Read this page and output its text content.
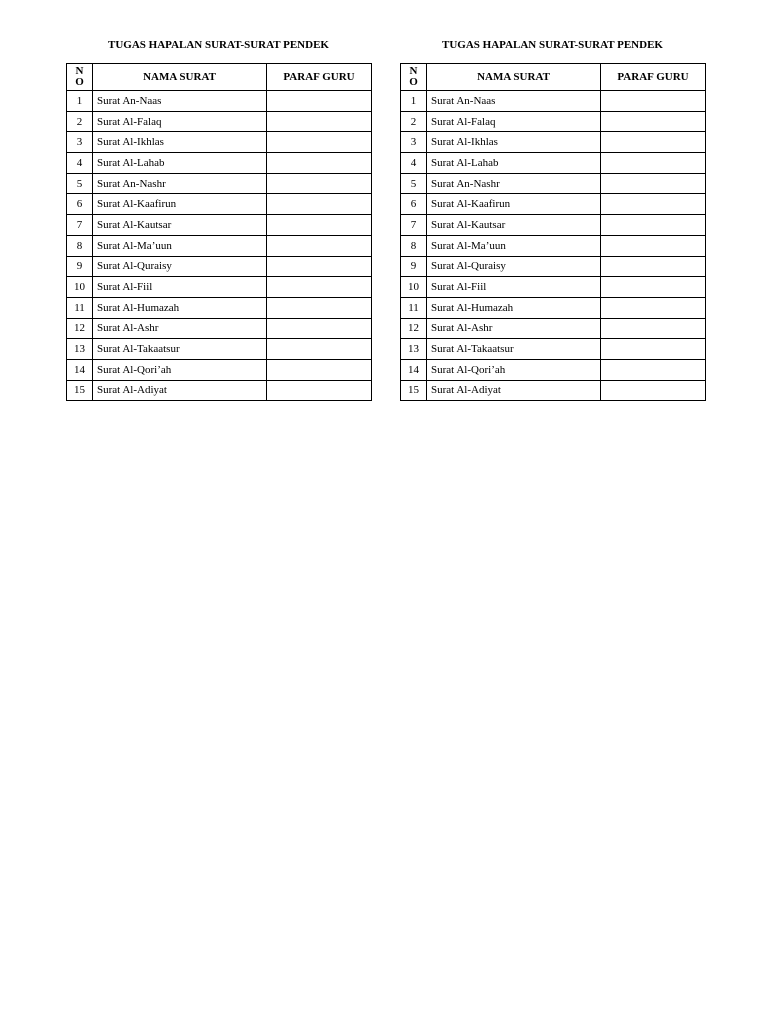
TUGAS HAPALAN SURAT-SURAT PENDEK
NO	NAMA SURAT	PARAF GURU
1	Surat An-Naas	
2	Surat Al-Falaq	
3	Surat Al-Ikhlas	
4	Surat Al-Lahab	
5	Surat An-Nashr	
6	Surat Al-Kaafirun	
7	Surat Al-Kautsar	
8	Surat Al-Ma’uun	
9	Surat Al-Quraisy	
10	Surat Al-Fiil	
11	Surat Al-Humazah	
12	Surat Al-Ashr	
13	Surat Al-Takaatsur	
14	Surat Al-Qori’ah	
15	Surat Al-Adiyat	
TUGAS HAPALAN SURAT-SURAT PENDEK
NO	NAMA SURAT	PARAF GURU
1	Surat An-Naas	
2	Surat Al-Falaq	
3	Surat Al-Ikhlas	
4	Surat Al-Lahab	
5	Surat An-Nashr	
6	Surat Al-Kaafirun	
7	Surat Al-Kautsar	
8	Surat Al-Ma’uun	
9	Surat Al-Quraisy	
10	Surat Al-Fiil	
11	Surat Al-Humazah	
12	Surat Al-Ashr	
13	Surat Al-Takaatsur	
14	Surat Al-Qori’ah	
15	Surat Al-Adiyat	
